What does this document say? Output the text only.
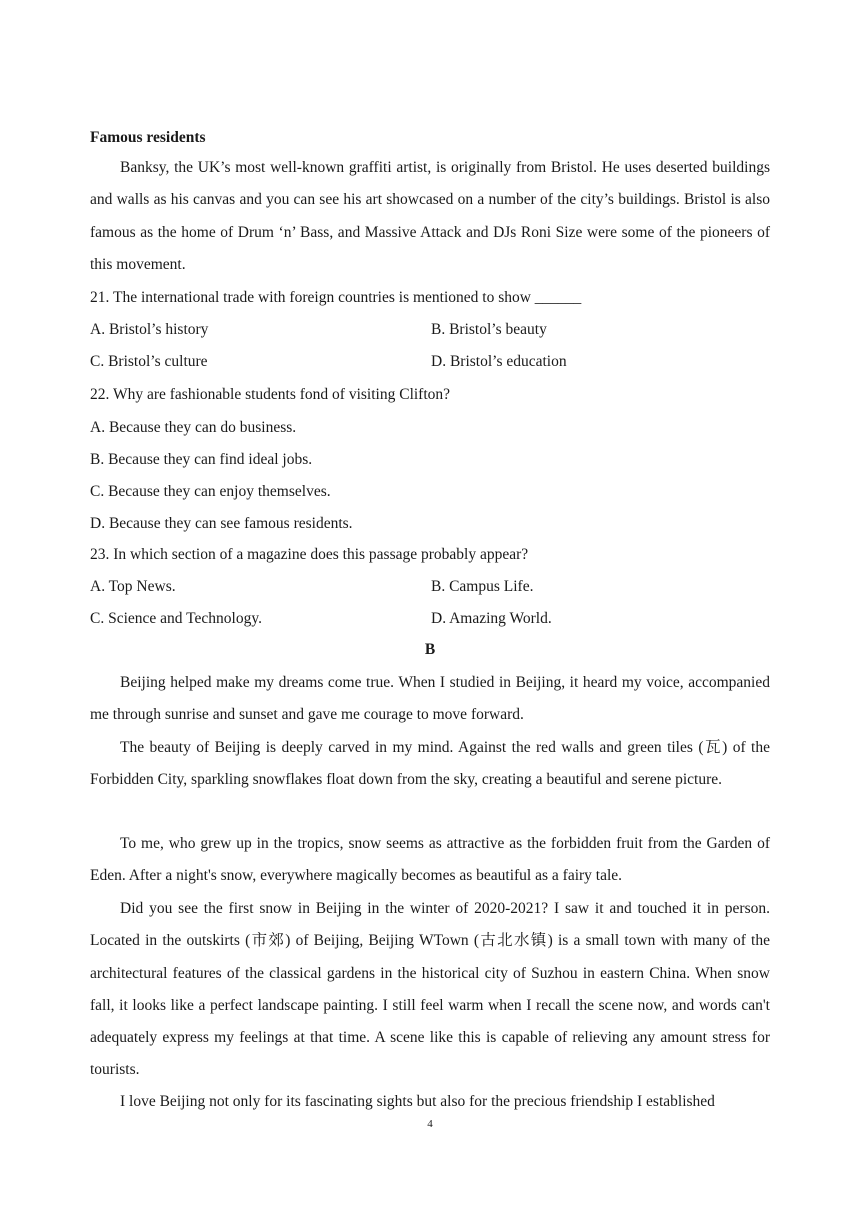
Famous residents

Banksy, the UK’s most well-known graffiti artist, is originally from Bristol. He uses deserted buildings and walls as his canvas and you can see his art showcased on a number of the city’s buildings. Bristol is also famous as the home of Drum ‘n’ Bass, and Massive Attack and DJs Roni Size were some of the pioneers of this movement.

21. The international trade with foreign countries is mentioned to show ______

A. Bristol’s history	B. Bristol’s beauty

C. Bristol’s culture	D. Bristol’s education

22. Why are fashionable students fond of visiting Clifton?

A. Because they can do business.

B. Because they can find ideal jobs.

C. Because they can enjoy themselves.

D. Because they can see famous residents.

23. In which section of a magazine does this passage probably appear?

A. Top News.	B. Campus Life.

C. Science and Technology.	D. Amazing World.

B

Beijing helped make my dreams come true. When I studied in Beijing, it heard my voice, accompanied me through sunrise and sunset and gave me courage to move forward.

The beauty of Beijing is deeply carved in my mind. Against the red walls and green tiles (瓦) of the Forbidden City, sparkling snowflakes float down from the sky, creating a beautiful and serene picture.

To me, who grew up in the tropics, snow seems as attractive as the forbidden fruit from the Garden of Eden. After a night's snow, everywhere magically becomes as beautiful as a fairy tale.

Did you see the first snow in Beijing in the winter of 2020-2021? I saw it and touched it in person. Located in the outskirts (市郊) of Beijing, Beijing WTown (古北水镇) is a small town with many of the architectural features of the classical gardens in the historical city of Suzhou in eastern China. When snow fall, it looks like a perfect landscape painting. I still feel warm when I recall the scene now, and words can't adequately express my feelings at that time. A scene like this is capable of relieving any amount stress for tourists.

I love Beijing not only for its fascinating sights but also for the precious friendship I established

4
